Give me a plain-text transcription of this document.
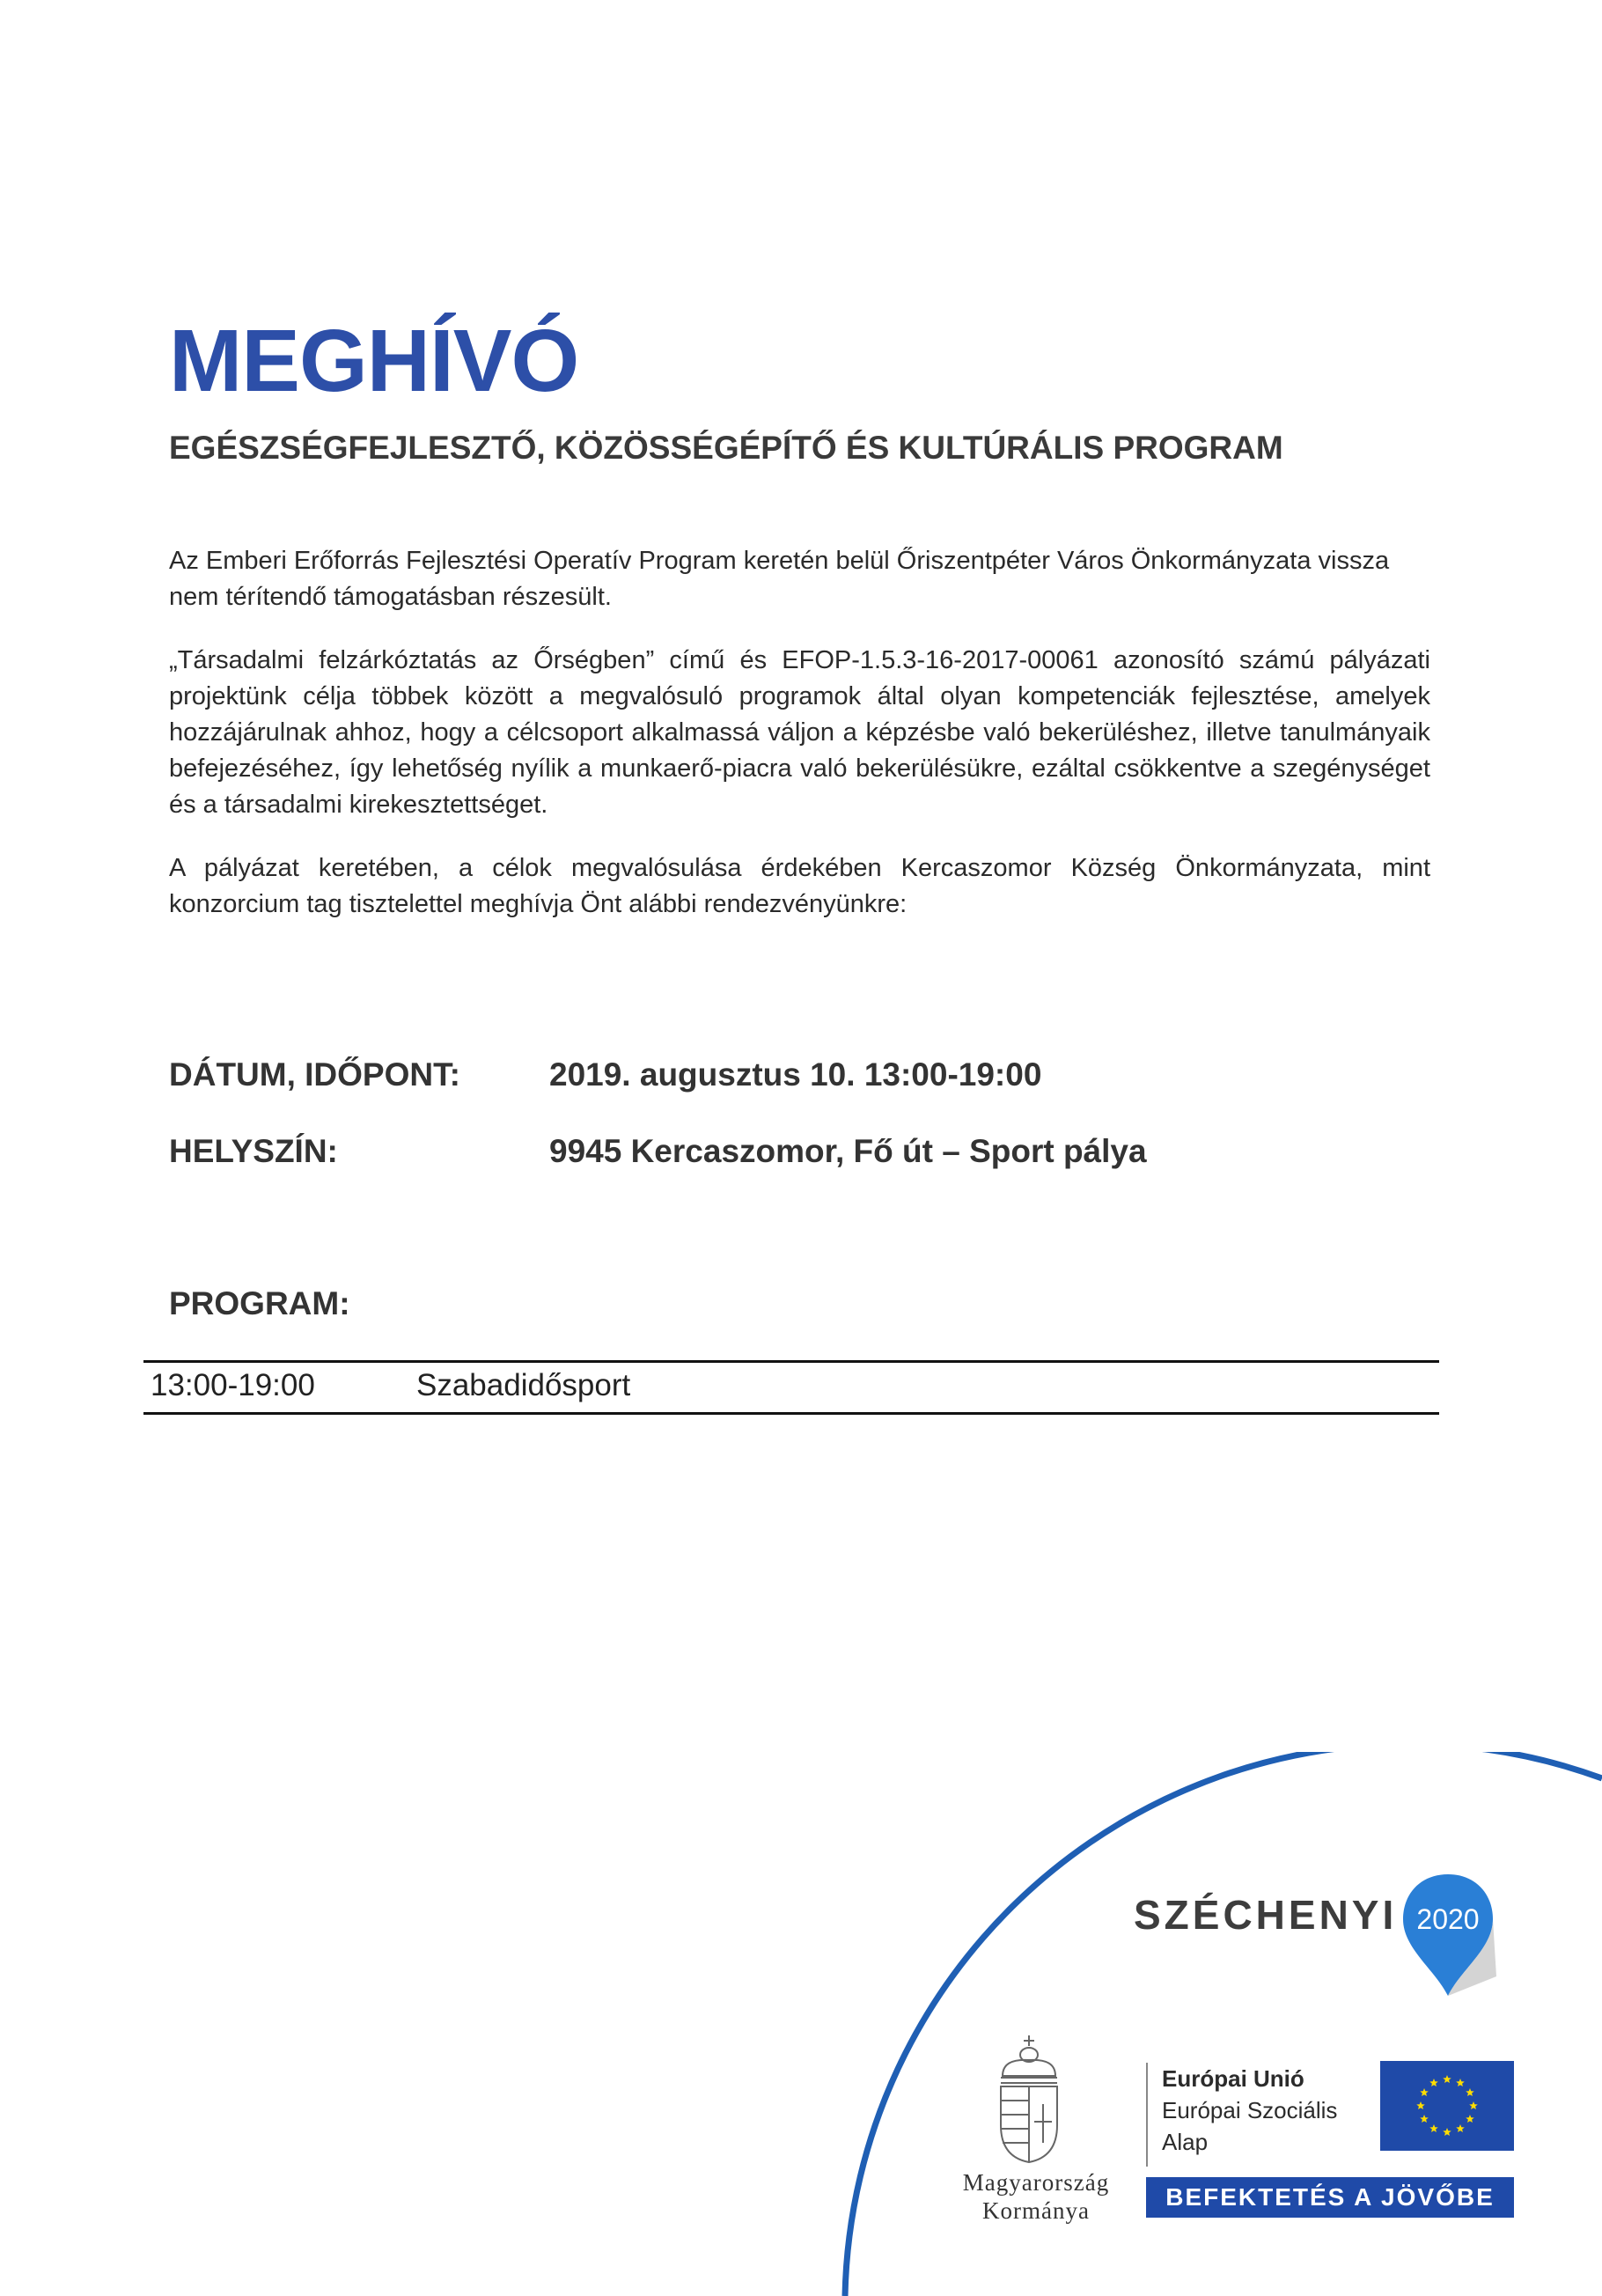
MEGHÍVÓ
EGÉSZSÉGFEJLESZTŐ, KÖZÖSSÉGÉPÍTŐ ÉS KULTÚRÁLIS PROGRAM
Az Emberi Erőforrás Fejlesztési Operatív Program keretén belül Őriszentpéter Város Önkormányzata vissza nem térítendő támogatásban részesült.
„Társadalmi felzárkóztatás az Őrségben” című és EFOP-1.5.3-16-2017-00061 azonosító számú pályázati projektünk célja többek között a megvalósuló programok által olyan kompetenciák fejlesztése, amelyek hozzájárulnak ahhoz, hogy a célcsoport alkalmassá váljon a képzésbe való bekerüléshez, illetve tanulmányaik befejezéséhez, így lehetőség nyílik a munkaerő-piacra való bekerülésükre, ezáltal csökkentve a szegénységet és a társadalmi kirekesztettséget.
A pályázat keretében, a célok megvalósulása érdekében Kercaszomor Község Önkormányzata, mint konzorcium tag tisztelettel meghívja Önt alábbi rendezvényünkre:
DÁTUM, IDŐPONT:	2019. augusztus 10. 13:00-19:00
HELYSZÍN:	9945 Kercaszomor, Fő út – Sport pálya
PROGRAM:
13:00-19:00	Szabadidősport
SZÉCHENYI 2020
Magyarország
Kormánya
Európai Unió
Európai Szociális
Alap
BEFEKTETÉS A JÖVŐBE
